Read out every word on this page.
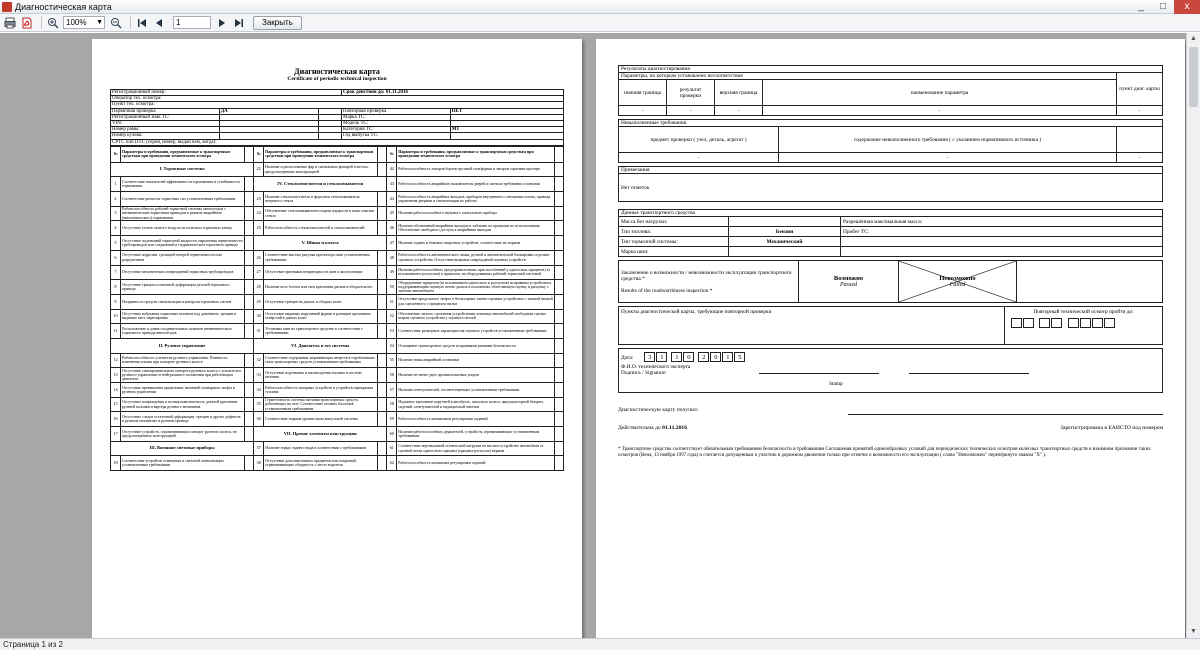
Диагностическая карта	_	□	x
100% ▼
1	Закрыть
Диагностическая карта
Certificate of periodic technical inspection
Регистрационный номер:			Срок действия до: 01.11.2016	
Оператор тех. осмотра:				
Пункт тех. осмотра:				
Первичная проверка	ДА		Повторная проверка	НЕТ
Регистрационный знак ТС:			Марка ТС:	
VIN:			Модель ТС:	
Номер рамы:			Категория ТС:	M1
Номер кузова:			Год выпуска ТС:	
СРТС или ПТС (серия, номер, выдан кем, когда):				
№	Параметры и требования, предъявляемые к транспортным средствам при проведении технического осмотра		№	Параметры и требования, предъявляемые к транспортным средствам при проведении технического осмотра		№	Параметры и требования, предъявляемые к транспортным средствам при проведении технического осмотра	
I. Тормозные системы			22	Наличие и расположение фар и сигнальных фонарей в местах, предусмотренных конструкцией		42	Работоспособность запоров бортов грузовой платформы и запоров горловин цистерн	
1	Соответствие показателей эффективности торможения и устойчивости торможения		IV. Стеклоочистители и стеклоомыватели			43	Работоспособность аварийного выключателя дверей и сигнала требования остановки	
2	Соответствие разности тормозных сил установленным требованиям		23	Наличие стеклоочистителя и форсунок стеклоомывателя ветрового стекла		44	Работоспособность аварийных выходов, приборов внутреннего освещения салона, привода управления дверями и сигнализации их работы	
3	Работоспособность рабочей тормозной системы автопоездов с пневматическим тормозным приводом в режиме аварийного (автоматического) торможения		24	Обеспечение стеклоомывателем подачи жидкости в зоны очистки стекла		45	Наличие работоспособного звукового сигнального прибора	
4	Отсутствие утечек сжатого воздуха из колесных тормозных камер		25	Работоспособность стеклоочистителей и стеклоомывателей		46	Наличие обозначений аварийных выходов и табличек по правилам их использования. Обеспечение свободного доступа к аварийным выходам	
5	Отсутствие подтеканий тормозной жидкости, нарушения герметичности трубопроводов или соединений в гидравлическом тормозном приводе		V. Шины и колеса			47	Наличие задних и боковых защитных устройств, соответствие их нормам	
6	Отсутствие коррозии, грозящей потерей герметичности или разрушением		26	Соответствие высоты рисунка протектора шин установленным требованиям		48	Работоспособность автоматического замка, ручной и автоматической блокировки седельно-сцепного устройства. Отсутствие видимых повреждений сцепных устройств	
7	Отсутствие механических повреждений тормозных трубопроводов		27	Отсутствие признаков непригодности шин к эксплуатации		49	Наличие работоспособных предохранительных приспособлений у одноосных прицепов (за исключением роспусков) и прицепов, не оборудованных рабочей тормозной системой	
8	Отсутствие трещин остаточной деформации деталей тормозного привода		28	Наличие всех болтов или гаек крепления дисков и ободьев колес		50	Оборудование прицепов (за исключением одноосных и роспусков) исправным устройством, поддерживающим сцепную петлю дышла в положении, облегчающем сцепку и расцепку с тягачом автомобилем	
9	Исправность средств сигнализации и контроля тормозных систем		29	Отсутствие трещин на дисках и ободьях колес		51	Отсутствие продольного люфта в беззазорных тягово-сцепных устройствах с тяговой вилкой для сцепленного с прицепом тягача	
10	Отсутствие набухания тормозных шлангов под давлением, трещин и видимых мест перетирания		30	Отсутствие видимых нарушений формы и размеров крепежных отверстий в дисках колес		52	Обеспечение легкого сцепления устройствами легковых автомобилей свободным сцепки шаром сцепного устройства у сцепного петлей	
11	Расположение и длина соединительных шлангов пневматического тормозного привода автопоездов		31	Установка шин на транспортное средство в соответствии с требованиями		53	Соответствие размерных характеристик сцепных устройств установленным требованиям	
II. Рулевое управление			VI. Двигатель и его системы			54	Оснащение транспортных средств исправными ремнями безопасности	
12	Работоспособность усилителя рулевого управления. Плавность изменения усилия при повороте рулевого колеса		32	Соответствие содержания загрязняющих веществ в отработавших газах транспортных средств установленным требованиям		55	Наличие знака аварийной остановки	
13	Отсутствие самопроизвольного поворота рулевого колеса с усилителем рулевого управления от нейтрального положения при работающем двигателе		33	Отсутствие подтекания и каплепадения топлива в системе питания		56	Наличие не менее двух противооткатных упоров	
14	Отсутствие превышения предельных значений суммарного люфта в рулевом управлении		34	Работоспособность запорных устройств и устройств перекрытия топлива		57	Наличие огнетушителей, соответствующих установленным требованиям	
15	Отсутствие повреждения и полная комплектность деталей крепления рулевой колонки и картера рулевого механизма		35	Герметичность системы питания транспортных средств, работающих на газе. Соответствие газовых баллонов установленным требованиям		58	Надежное крепление поручней в автобусах, запасного колеса, аккумуляторной батареи, сидений, огнетушителей и медицинской аптечки	
16	Отсутствие следов остаточной деформации, трещин и других дефектов в рулевом механизме и рулевом приводе		36	Соответствие нормам уровня шума выпускной системы		59	Работоспособность механизмов регулировки сидений	
17	Отсутствие устройств, ограничивающих поворот рулевого колеса, не предусмотренных конструкцией		VII. Прочие элементы конструкции			60	Наличие работоспособных держателей, устройств, ограничивающих установленным требованиям	
III. Внешние световые приборы			37	Наличие зеркал заднего вида в соответствии с требованиями		61	Соответствие вертикальной статической нагрузки на тяговое устройство автомобиля от сцепной петли одноосного прицепа (прицепа-роспуска) нормам	
18	Соответствие устройств освещения и световой сигнализации установленным требованиям		38	Отсутствие дополнительных предметов или покрытий, ограничивающих обзорность с места водителя		62	Работоспособность механизма регулировки сидений	
Результаты диагностирования				
Параметры, по которым установлено несоответствие				пункт диаг. карты
нижняя граница	результат проверки	верхняя граница	наименование параметра	
-	-	-	-	-
Невыполненные требования		
предмет проверки ( узел, деталь, агрегат )	содержание невыполненного требования ( с указанием нормативного источника )	
-	-	-
Примечания
Нет отметок
Данные транспортного средства		
Масса без нагрузки:		Разрешённая максимальная масса:
Тип топлива:	Бензин	Пробег ТС:
Тип тормозной системы:	Механический	
Марка шин:		
Заключение о возможности / невозможности эксплуатации транспортного средства *
Results of the roadworthiness inspection *

Возможно
Passed

Невозможно
Failed

Пункты диагностической карты, требующие повторной проверки	Повторный технический осмотр пройти до:

Дата: 3 1 1 0 2 0 1 5
Ф.И.О. технического эксперта
Подпись / Signature
Stamp
Диагностическую карту получил:
Действительна до 01.11.2016	Зарегистрирована в ЕАИСТО под номером
* Транспортное средство соответствует обязательным требованиям безопасности и требованиям Соглашения принятий единообразных условий для периодических технических осмотров колёсных транспортных средств и взаимном признании таких осмотров (Вена, 13 ноября 1997 года) и считается допущенным к участию в дорожном движении только при отметке о возможности его эксплуатации ( слово "Невозможно" перечёркнуто знаком "X" ).
▲
▼
Страница 1 из 2
